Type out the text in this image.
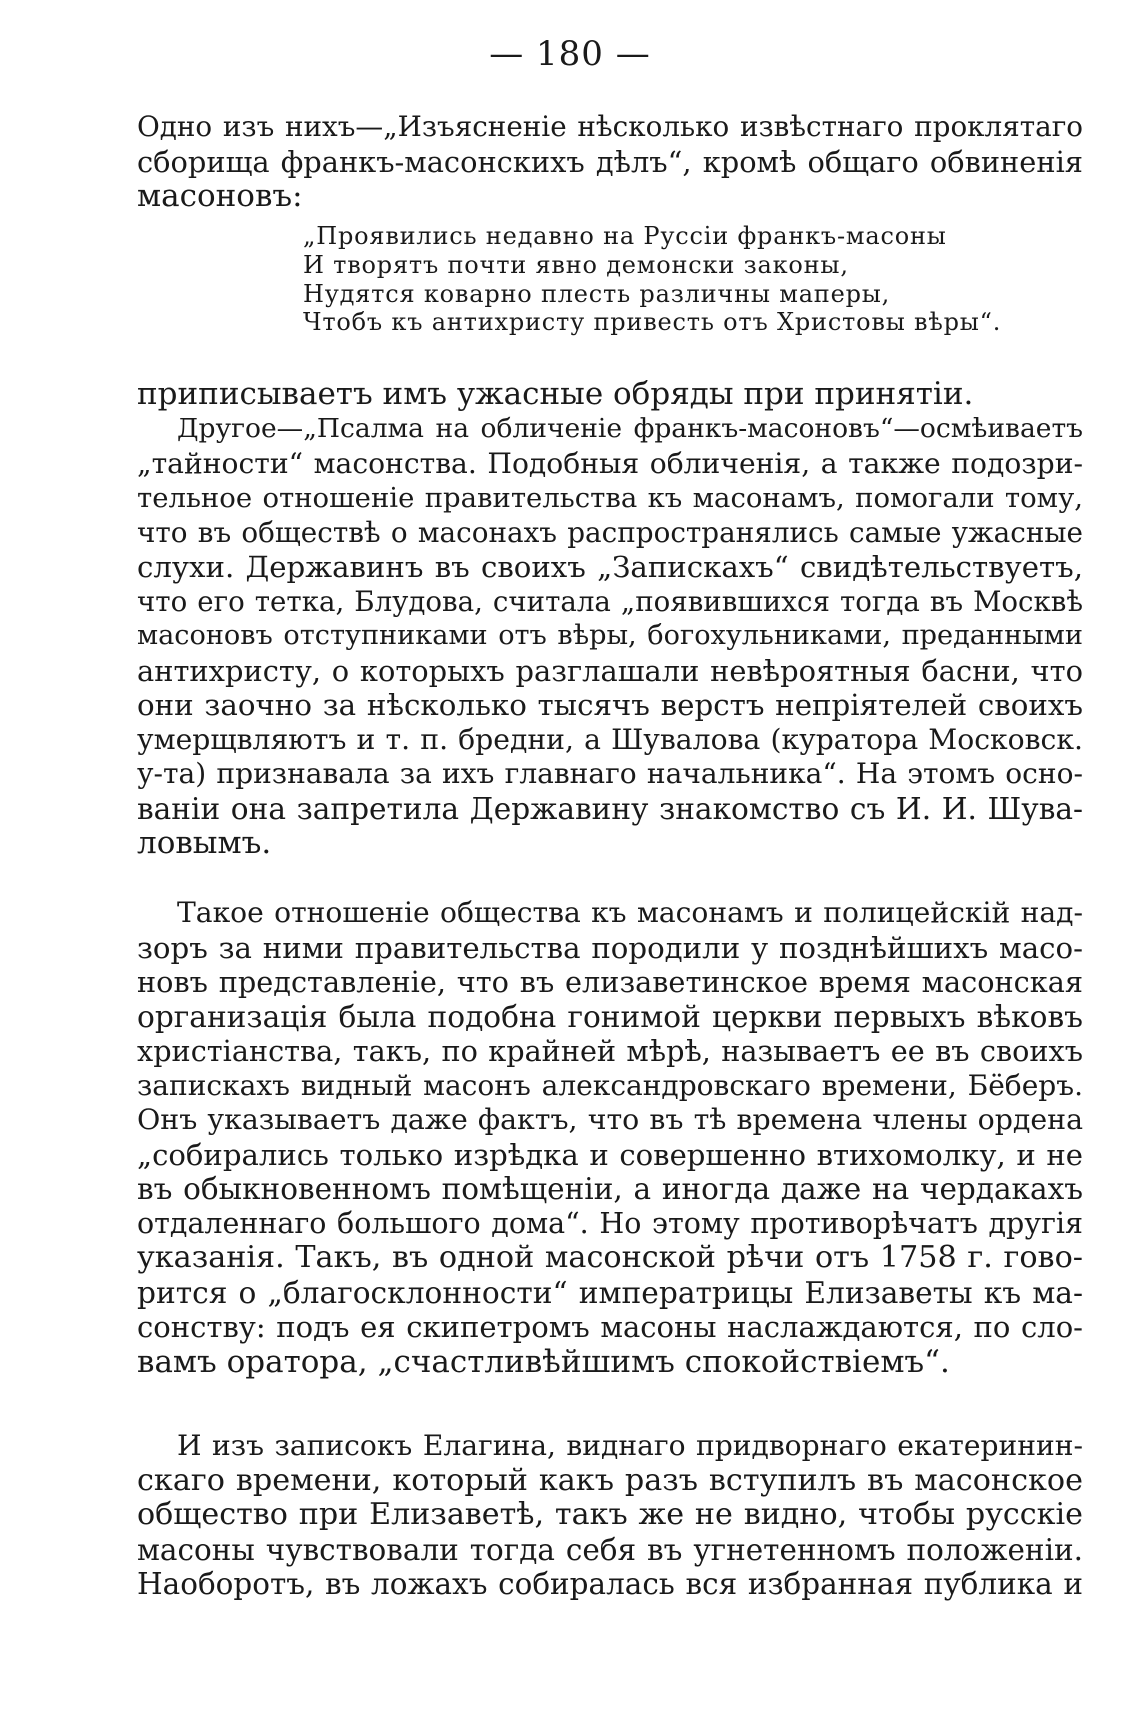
— 180 —
Одно изъ нихъ—„Изъясненіе нѣсколько извѣстнаго проклятаго
сборища франкъ-масонскихъ дѣлъ“, кромѣ общаго обвиненія
масоновъ:
„Проявились недавно на Руссіи франкъ-масоны
И творятъ почти явно демонски законы,
Нудятся коварно плесть различны маперы,
Чтобъ къ антихристу привесть отъ Христовы вѣры“.
приписываетъ имъ ужасные обряды при принятіи.
Другое—„Псалма на обличеніе франкъ-масоновъ“—осмѣиваетъ
„тайности“ масонства. Подобныя обличенія, а также подозри-
тельное отношеніе правительства къ масонамъ, помогали тому,
что въ обществѣ о масонахъ распространялись самые ужасные
слухи. Державинъ въ своихъ „Запискахъ“ свидѣтельствуетъ,
что его тетка, Блудова, считала „появившихся тогда въ Москвѣ
масоновъ отступниками отъ вѣры, богохульниками, преданными
антихристу, о которыхъ разглашали невѣроятныя басни, что
они заочно за нѣсколько тысячъ верстъ непріятелей своихъ
умерщвляютъ и т. п. бредни, а Шувалова (куратора Московск.
у-та) признавала за ихъ главнаго начальника“. На этомъ осно-
ваніи она запретила Державину знакомство съ И. И. Шува-
ловымъ.
Такое отношеніе общества къ масонамъ и полицейскій над-
зоръ за ними правительства породили у позднѣйшихъ масо-
новъ представленіе, что въ елизаветинское время масонская
организація была подобна гонимой церкви первыхъ вѣковъ
христіанства, такъ, по крайней мѣрѣ, называетъ ее въ своихъ
запискахъ видный масонъ александровскаго времени, Бёберъ.
Онъ указываетъ даже фактъ, что въ тѣ времена члены ордена
„собирались только изрѣдка и совершенно втихомолку, и не
въ обыкновенномъ помѣщеніи, а иногда даже на чердакахъ
отдаленнаго большого дома“. Но этому противорѣчатъ другія
указанія. Такъ, въ одной масонской рѣчи отъ 1758 г. гово-
рится о „благосклонности“ императрицы Елизаветы къ ма-
сонству: подъ ея скипетромъ масоны наслаждаются, по сло-
вамъ оратора, „счастливѣйшимъ спокойствіемъ“.
И изъ записокъ Елагина, виднаго придворнаго екатеринин-
скаго времени, который какъ разъ вступилъ въ масонское
общество при Елизаветѣ, такъ же не видно, чтобы русскіе
масоны чувствовали тогда себя въ угнетенномъ положеніи.
Наоборотъ, въ ложахъ собиралась вся избранная публика и
